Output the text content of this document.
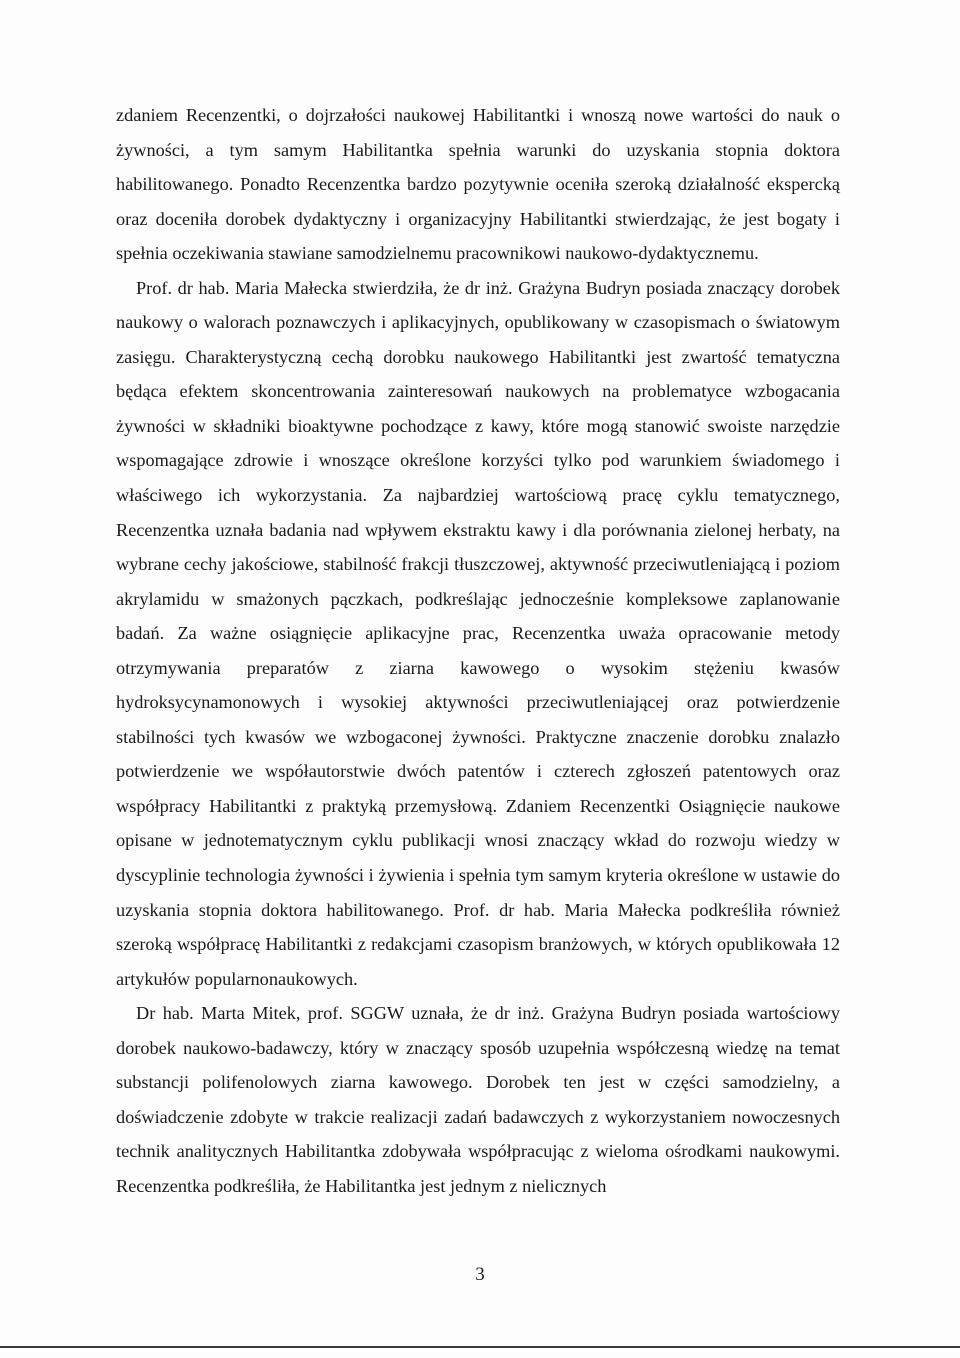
zdaniem Recenzentki, o dojrzałości naukowej Habilitantki i wnoszą nowe wartości do nauk o żywności, a tym samym Habilitantka spełnia warunki do uzyskania stopnia doktora habilitowanego. Ponadto Recenzentka bardzo pozytywnie oceniła szeroką działalność ekspercką oraz doceniła dorobek dydaktyczny i organizacyjny Habilitantki stwierdzając, że jest bogaty i spełnia oczekiwania stawiane samodzielnemu pracownikowi naukowo-dydaktycznemu.

Prof. dr hab. Maria Małecka stwierdziła, że dr inż. Grażyna Budryn posiada znaczący dorobek naukowy o walorach poznawczych i aplikacyjnych, opublikowany w czasopismach o światowym zasięgu. Charakterystyczną cechą dorobku naukowego Habilitantki jest zwartość tematyczna będąca efektem skoncentrowania zainteresowań naukowych na problematyce wzbogacania żywności w składniki bioaktywne pochodzące z kawy, które mogą stanowić swoiste narzędzie wspomagające zdrowie i wnoszące określone korzyści tylko pod warunkiem świadomego i właściwego ich wykorzystania. Za najbardziej wartościową pracę cyklu tematycznego, Recenzentka uznała badania nad wpływem ekstraktu kawy i dla porównania zielonej herbaty, na wybrane cechy jakościowe, stabilność frakcji tłuszczowej, aktywność przeciwutleniającą i poziom akrylamidu w smażonych pączkach, podkreślając jednocześnie kompleksowe zaplanowanie badań. Za ważne osiągnięcie aplikacyjne prac, Recenzentka uważa opracowanie metody otrzymywania preparatów z ziarna kawowego o wysokim stężeniu kwasów hydroksycynamonowych i wysokiej aktywności przeciwutleniającej oraz potwierdzenie stabilności tych kwasów we wzbogaconej żywności. Praktyczne znaczenie dorobku znalazło potwierdzenie we współautorstwie dwóch patentów i czterech zgłoszeń patentowych oraz współpracy Habilitantki z praktyką przemysłową. Zdaniem Recenzentki Osiągnięcie naukowe opisane w jednotematycznym cyklu publikacji wnosi znaczący wkład do rozwoju wiedzy w dyscyplinie technologia żywności i żywienia i spełnia tym samym kryteria określone w ustawie do uzyskania stopnia doktora habilitowanego. Prof. dr hab. Maria Małecka podkreśliła również szeroką współpracę Habilitantki z redakcjami czasopism branżowych, w których opublikowała 12 artykułów popularnonaukowych.

Dr hab. Marta Mitek, prof. SGGW uznała, że dr inż. Grażyna Budryn posiada wartościowy dorobek naukowo-badawczy, który w znaczący sposób uzupełnia współczesną wiedzę na temat substancji polifenolowych ziarna kawowego. Dorobek ten jest w części samodzielny, a doświadczenie zdobyte w trakcie realizacji zadań badawczych z wykorzystaniem nowoczesnych technik analitycznych Habilitantka zdobywała współpracując z wieloma ośrodkami naukowymi. Recenzentka podkreśliła, że Habilitantka jest jednym z nielicznych

3
